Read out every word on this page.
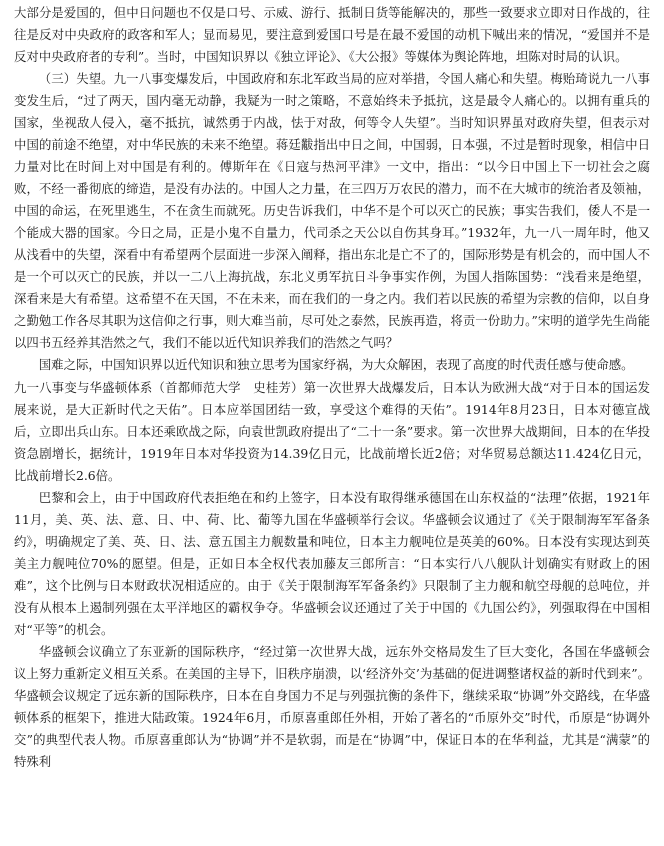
大部分是爱国的，但中日问题也不仅是口号、示威、游行、抵制日货等能解决的，那些一致要求立即对日作战的，往往是反对中央政府的政客和军人；显而易见，要注意到爱国口号是在最不爱国的动机下喊出来的情况，“爱国并不是反对中央政府者的专利”。当时，中国知识界以《独立评论》、《大公报》等媒体为舆论阵地，坦陈对时局的认识。

（三）失望。九一八事变爆发后，中国政府和东北军政当局的应对举措，令国人痛心和失望。梅贻琦说九一八事变发生后，“过了两天，国内毫无动静，我疑为一时之策略，不意始终未予抵抗，这是最令人痛心的。以拥有重兵的国家，坐视敌人侵入，毫不抵抗，诚然勇于内战，怯于对敌，何等令人失望”。当时知识界虽对政府失望，但表示对中国的前途不绝望，对中华民族的未来不绝望。蒋廷黻指出中日之间，中国弱，日本强，不过是暂时现象，相信中日力量对比在时间上对中国是有利的。傅斯年在《日寇与热河平津》一文中，指出：“以今日中国上下一切社会之腐败，不经一番彻底的缔造，是没有办法的。中国人之力量，在三四万万农民的潜力，而不在大城市的统治者及领袖，中国的命运，在死里逃生，不在贪生而就死。历史告诉我们，中华不是个可以灭亡的民族；事实告我们，倭人不是一个能成大器的国家。今日之局，正是小鬼不自量力，代司杀之天公以自伤其身耳。”1932年，九一八一周年时，他又从浅看中的失望，深看中有希望两个层面进一步深入阐释，指出东北是亡不了的，国际形势是有机会的，而中国人不是一个可以灭亡的民族，并以一二八上海抗战，东北义勇军抗日斗争事实作例，为国人指陈国势：“浅看来是绝望，深看来是大有希望。这希望不在天国，不在未来，而在我们的一身之内。我们若以民族的希望为宗教的信仰，以自身之勤勉工作各尽其职为这信仰之行事，则大难当前，尽可处之泰然，民族再造，将贡一份助力。”宋明的道学先生尚能以四书五经养其浩然之气，我们不能以近代知识养我们的浩然之气吗？

国难之际，中国知识界以近代知识和独立思考为国家纾祸，为大众解困，表现了高度的时代责任感与使命感。

九一八事变与华盛顿体系（首都师范大学　史桂芳）第一次世界大战爆发后，日本认为欧洲大战“对于日本的国运发展来说，是大正新时代之天佑”。日本应举国团结一致，享受这个难得的天佑”。1914年8月23日，日本对德宣战后，立即出兵山东。日本还乘欧战之际，向袁世凯政府提出了“二十一条”要求。第一次世界大战期间，日本的在华投资急剧增长，据统计，1919年日本对华投资为14.39亿日元，比战前增长近2倍；对华贸易总额达11.424亿日元，比战前增长2.6倍。

巴黎和会上，由于中国政府代表拒绝在和约上签字，日本没有取得继承德国在山东权益的“法理”依据，1921年11月，美、英、法、意、日、中、荷、比、葡等九国在华盛顿举行会议。华盛顿会议通过了《关于限制海军军备条约》，明确规定了美、英、日、法、意五国主力舰数量和吨位，日本主力舰吨位是英美的60%。日本没有实现达到英美主力舰吨位70%的愿望。但是，正如日本全权代表加藤友三郎所言：“日本实行八八舰队计划确实有财政上的困难”，这个比例与日本财政状况相适应的。由于《关于限制海军军备条约》只限制了主力舰和航空母舰的总吨位，并没有从根本上遏制列强在太平洋地区的霸权争夺。华盛顿会议还通过了关于中国的《九国公约》，列强取得在中国相对“平等”的机会。

华盛顿会议确立了东亚新的国际秩序，“经过第一次世界大战，远东外交格局发生了巨大变化，各国在华盛顿会议上努力重新定义相互关系。在美国的主导下，旧秩序崩溃，以‘经济外交’为基础的促进调整诸权益的新时代到来”。华盛顿会议规定了远东新的国际秩序，日本在自身国力不足与列强抗衡的条件下，继续采取“协调”外交路线，在华盛顿体系的框架下，推进大陆政策。1924年6月，币原喜重郎任外相，开始了著名的“币原外交”时代，币原是“协调外交”的典型代表人物。币原喜重郎认为“协调”并不是软弱，而是在“协调”中，保证日本的在华利益，尤其是“满蒙”的特殊利
